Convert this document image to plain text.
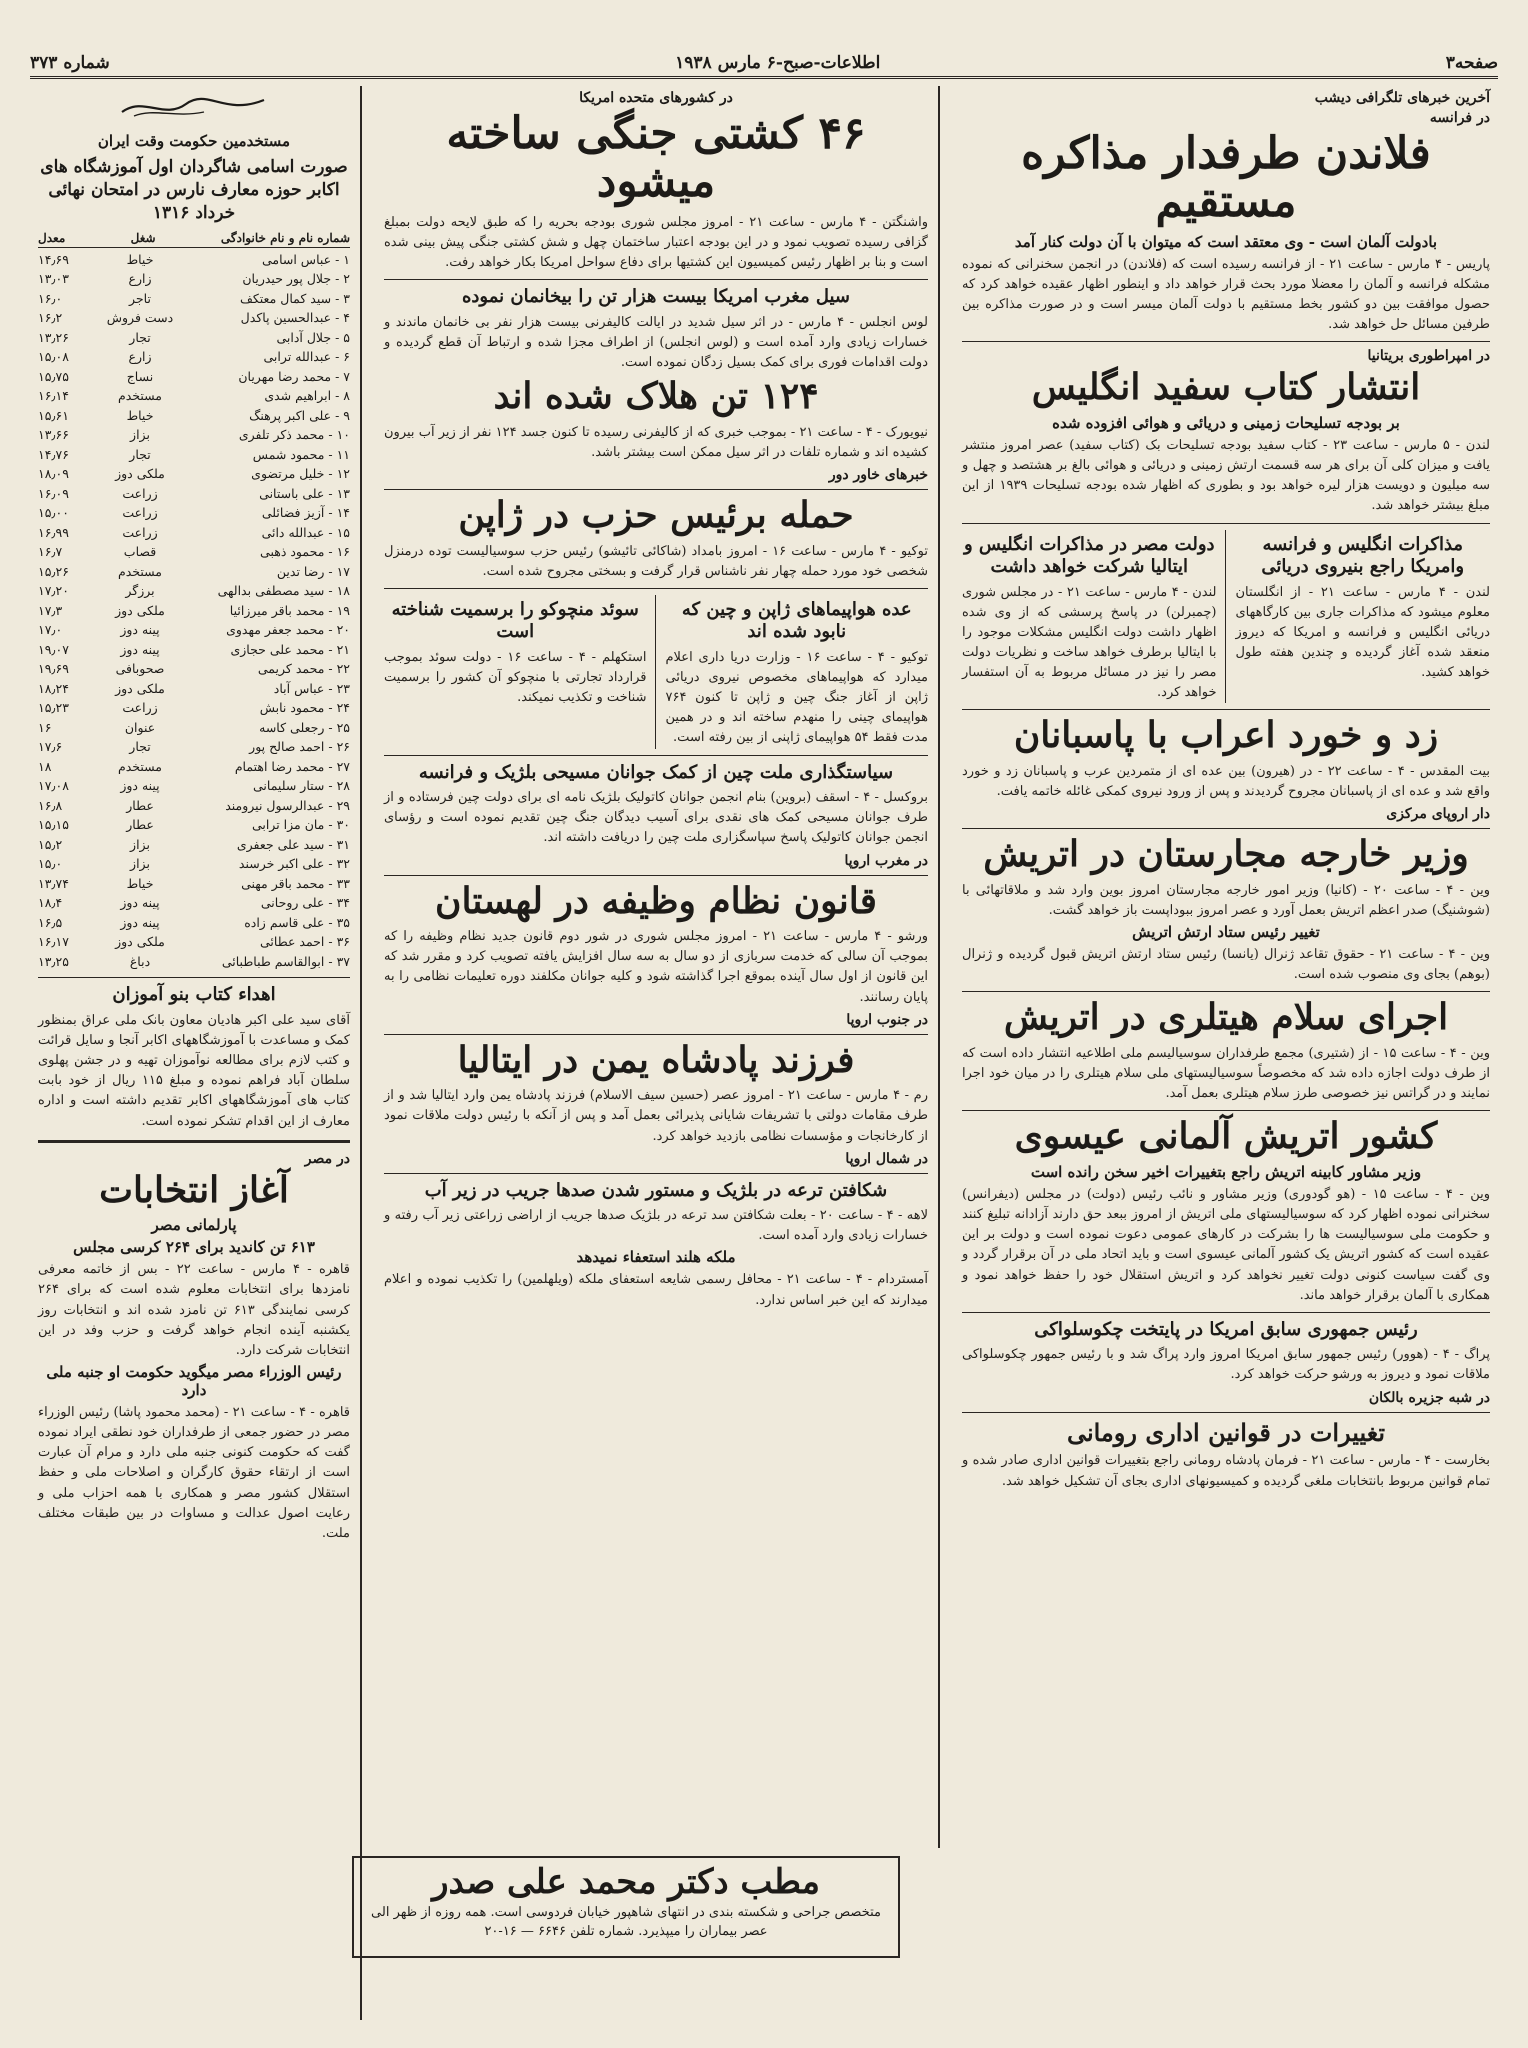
صفحه۳
اطلاعات-صبح-۶ مارس ۱۹۳۸
شماره ۳۷۳
آخرین خبرهای تلگرافی دیشب
در فرانسه
فلاندن طرفدار مذاکره مستقیم
بادولت آلمان است - وی معتقد است که میتوان با آن دولت کنار آمد
پاریس - ۴ مارس - ساعت ۲۱ - از فرانسه رسیده است که (فلاندن) در انجمن سخنرانی که نموده مشکله فرانسه و آلمان را معضلا مورد بحث قرار خواهد داد و اینطور اظهار عقیده خواهد کرد که حصول موافقت بین دو کشور بخط مستقیم با دولت آلمان میسر است و در صورت مذاکره بین طرفین مسائل حل خواهد شد.
در امپراطوری بریتانیا
انتشار کتاب سفید انگلیس
بر بودجه تسلیحات زمینی و دریائی و هوائی افزوده شده
لندن - ۵ مارس - ساعت ۲۳ - کتاب سفید بودجه تسلیحات بک (کتاب سفید) عصر امروز منتشر یافت و میزان کلی آن برای هر سه قسمت ارتش زمینی و دریائی و هوائی بالغ بر هشتصد و چهل و سه میلیون و دویست هزار لیره خواهد بود و بطوری که اظهار شده بودجه تسلیحات ۱۹۳۹ از این مبلغ بیشتر خواهد شد.
مذاکرات انگلیس و فرانسه وامریکا راجع بنیروی دریائی
لندن - ۴ مارس - ساعت ۲۱ - از انگلستان معلوم میشود که مذاکرات جاری بین کارگاههای دریائی انگلیس و فرانسه و امریکا که دیروز منعقد شده آغاز گردیده و چندین هفته طول خواهد کشید.
دولت مصر در مذاکرات انگلیس و ایتالیا شرکت خواهد داشت
لندن - ۴ مارس - ساعت ۲۱ - در مجلس شوری (چمبرلن) در پاسخ پرسشی که از وی شده اظهار داشت دولت انگلیس مشکلات موجود را با ایتالیا برطرف خواهد ساخت و نظریات دولت مصر را نیز در مسائل مربوط به آن استفسار خواهد کرد.
زد و خورد اعراب با پاسبانان
بیت المقدس - ۴ - ساعت ۲۲ - در (هیرون) بین عده ای از متمردین عرب و پاسبانان زد و خورد واقع شد و عده ای از پاسبانان مجروح گردیدند و پس از ورود نیروی کمکی غائله خاتمه یافت.
دار اروپای مرکزی
وزیر خارجه مجارستان در اتریش
وین - ۴ - ساعت ۲۰ - (کانیا) وزیر امور خارجه مجارستان امروز بوین وارد شد و ملاقاتهائی با (شوشنیگ) صدر اعظم اتریش بعمل آورد و عصر امروز ببوداپست باز خواهد گشت.
تغییر رئیس ستاد ارتش اتریش
وین - ۴ - ساعت ۲۱ - حقوق تقاعد ژنرال (یانسا) رئیس ستاد ارتش اتریش قبول گردیده و ژنرال (بوهم) بجای وی منصوب شده است.
اجرای سلام هیتلری در اتریش
وین - ۴ - ساعت ۱۵ - از (شتیری) مجمع طرفداران سوسیالیسم ملی اطلاعیه انتشار داده است که از طرف دولت اجازه داده شد که مخصوصاً سوسیالیستهای ملی سلام هیتلری را در میان خود اجرا نمایند و در گراتس نیز خصوصی طرز سلام هیتلری بعمل آمد.
کشور اتریش آلمانی عیسوی
وزیر مشاور کابینه اتریش راجع بتغییرات اخیر سخن رانده است
وین - ۴ - ساعت ۱۵ - (هو گودوری) وزیر مشاور و نائب رئیس (دولت) در مجلس (دیفرانس) سخنرانی نموده اظهار کرد که سوسیالیستهای ملی اتریش از امروز ببعد حق دارند آزادانه تبلیغ کنند و حکومت ملی سوسیالیست ها را بشرکت در کارهای عمومی دعوت نموده است و دولت بر این عقیده است که کشور اتریش یک کشور آلمانی عیسوی است و باید اتحاد ملی در آن برقرار گردد و وی گفت سیاست کنونی دولت تغییر نخواهد کرد و اتریش استقلال خود را حفظ خواهد نمود و همکاری با آلمان برقرار خواهد ماند.
رئیس جمهوری سابق امریکا در پایتخت چکوسلواکی
پراگ - ۴ - (هوور) رئیس جمهور سابق امریکا امروز وارد پراگ شد و با رئیس جمهور چکوسلواکی ملاقات نمود و دیروز به ورشو حرکت خواهد کرد.
در شبه جزیره بالکان
تغییرات در قوانین اداری رومانی
بخارست - ۴ - مارس - ساعت ۲۱ - فرمان پادشاه رومانی راجع بتغییرات قوانین اداری صادر شده و تمام قوانین مربوط بانتخابات ملغی گردیده و کمیسیونهای اداری بجای آن تشکیل خواهد شد.
در کشورهای متحده امریکا
۴۶ کشتی جنگی ساخته میشود
واشنگتن - ۴ مارس - ساعت ۲۱ - امروز مجلس شوری بودجه بحریه را که طبق لایحه دولت بمبلغ گزافی رسیده تصویب نمود و در این بودجه اعتبار ساختمان چهل و شش کشتی جنگی پیش بینی شده است و بنا بر اظهار رئیس کمیسیون این کشتیها برای دفاع سواحل امریکا بکار خواهد رفت.
سیل مغرب امریکا بیست هزار تن را بیخانمان نموده
لوس انجلس - ۴ مارس - در اثر سیل شدید در ایالت کالیفرنی بیست هزار نفر بی خانمان ماندند و خسارات زیادی وارد آمده است و (لوس انجلس) از اطراف مجزا شده و ارتباط آن قطع گردیده و دولت اقدامات فوری برای کمک بسیل زدگان نموده است.
۱۲۴ تن هلاک شده اند
نیویورک - ۴ - ساعت ۲۱ - بموجب خبری که از کالیفرنی رسیده تا کنون جسد ۱۲۴ نفر از زیر آب بیرون کشیده اند و شماره تلفات در اثر سیل ممکن است بیشتر باشد.
خبرهای خاور دور
حمله برئیس حزب در ژاپن
توکیو - ۴ مارس - ساعت ۱۶ - امروز بامداد (شاکائی تائیشو) رئیس حزب سوسیالیست توده درمنزل شخصی خود مورد حمله چهار نفر ناشناس قرار گرفت و بسختی مجروح شده است.
عده هواپیماهای ژاپن و چین که نابود شده اند
توکیو - ۴ - ساعت ۱۶ - وزارت دریا داری اعلام میدارد که هواپیماهای مخصوص نیروی دریائی ژاپن از آغاز جنگ چین و ژاپن تا کنون ۷۶۴ هواپیمای چینی را منهدم ساخته اند و در همین مدت فقط ۵۴ هواپیمای ژاپنی از بین رفته است.
سوئد منچوکو را برسمیت شناخته است
استکهلم - ۴ - ساعت ۱۶ - دولت سوئد بموجب قرارداد تجارتی با منچوکو آن کشور را برسمیت شناخت و تکذیب نمیکند.
سیاستگذاری ملت چین از کمک جوانان مسیحی بلژیک و فرانسه
بروکسل - ۴ - اسقف (بروین) بنام انجمن جوانان کاتولیک بلژیک نامه ای برای دولت چین فرستاده و از طرف جوانان مسیحی کمک های نقدی برای آسیب دیدگان جنگ چین تقدیم نموده است و رؤسای انجمن جوانان کاتولیک پاسخ سپاسگزاری ملت چین را دریافت داشته اند.
در مغرب اروپا
قانون نظام وظیفه در لهستان
ورشو - ۴ مارس - ساعت ۲۱ - امروز مجلس شوری در شور دوم قانون جدید نظام وظیفه را که بموجب آن سالی که خدمت سربازی از دو سال به سه سال افزایش یافته تصویب کرد و مقرر شد که این قانون از اول سال آینده بموقع اجرا گذاشته شود و کلیه جوانان مکلفند دوره تعلیمات نظامی را به پایان رسانند.
در جنوب اروپا
فرزند پادشاه یمن در ایتالیا
رم - ۴ مارس - ساعت ۲۱ - امروز عصر (حسین سیف الاسلام) فرزند پادشاه یمن وارد ایتالیا شد و از طرف مقامات دولتی با تشریفات شایانی پذیرائی بعمل آمد و پس از آنکه با رئیس دولت ملاقات نمود از کارخانجات و مؤسسات نظامی بازدید خواهد کرد.
در شمال اروپا
شکافتن ترعه در بلژیک و مستور شدن صدها جریب در زیر آب
لاهه - ۴ - ساعت ۲۰ - بعلت شکافتن سد ترعه در بلژیک صدها جریب از اراضی زراعتی زیر آب رفته و خسارات زیادی وارد آمده است.
ملکه هلند استعفاء نمیدهد
آمستردام - ۴ - ساعت ۲۱ - محافل رسمی شایعه استعفای ملکه (ویلهلمین) را تکذیب نموده و اعلام میدارند که این خبر اساس ندارد.
مستخدمین حکومت وقت ایران
صورت اسامی شاگردان اول آموزشگاه های اکابر حوزه معارف نارس در امتحان نهائی خرداد ۱۳۱۶
شماره نام و نام خانوادگی
شغل
معدل
۱ - عباس اسامی
خیاط
۱۴٫۶۹
۲ - جلال پور حیدریان
زارع
۱۳٫۰۳
۳ - سید کمال معتکف
تاجر
۱۶٫۰
۴ - عبدالحسین پاکدل
دست فروش
۱۶٫۲
۵ - جلال آدابی
تجار
۱۳٫۲۶
۶ - عبدالله ترابی
زارع
۱۵٫۰۸
۷ - محمد رضا مهریان
نساج
۱۵٫۷۵
۸ - ابراهیم شدی
مستخدم
۱۶٫۱۴
۹ - علی اکبر پرهنگ
خیاط
۱۵٫۶۱
۱۰ - محمد ذکر تلفری
بزاز
۱۳٫۶۶
۱۱ - محمود شمس
تجار
۱۴٫۷۶
۱۲ - خلیل مرتضوی
ملکی دوز
۱۸٫۰۹
۱۳ - علی باستانی
زراعت
۱۶٫۰۹
۱۴ - آزیز فضائلی
زراعت
۱۵٫۰۰
۱۵ - عبدالله دائی
زراعت
۱۶٫۹۹
۱۶ - محمود ذهبی
قصاب
۱۶٫۷
۱۷ - رضا تدین
مستخدم
۱۵٫۲۶
۱۸ - سید مصطفی بدالهی
برزگر
۱۷٫۲۰
۱۹ - محمد باقر میرزائیا
ملکی دوز
۱۷٫۳
۲۰ - محمد جعفر مهدوی
پینه دوز
۱۷٫۰
۲۱ - محمد علی حجازی
پینه دوز
۱۹٫۰۷
۲۲ - محمد کریمی
صحوبافی
۱۹٫۶۹
۲۳ - عباس آباد
ملکی دوز
۱۸٫۲۴
۲۴ - محمود نابش
زراعت
۱۵٫۲۳
۲۵ - رجعلی کاسه
عنوان
۱۶
۲۶ - احمد صالح پور
تجار
۱۷٫۶
۲۷ - محمد رضا اهتمام
مستخدم
۱۸
۲۸ - ستار سلیمانی
پینه دوز
۱۷٫۰۸
۲۹ - عبدالرسول نیرومند
عطار
۱۶٫۸
۳۰ - مان مزا ترابی
عطار
۱۵٫۱۵
۳۱ - سید علی جعفری
بزاز
۱۵٫۲
۳۲ - علی اکبر خرسند
بزاز
۱۵٫۰
۳۳ - محمد باقر مهنی
خیاط
۱۳٫۷۴
۳۴ - علی روحانی
پینه دوز
۱۸٫۴
۳۵ - علی قاسم زاده
پینه دوز
۱۶٫۵
۳۶ - احمد عطائی
ملکی دوز
۱۶٫۱۷
۳۷ - ابوالقاسم طباطبائی
دباغ
۱۳٫۲۵
اهداء کتاب بنو آموزان
آقای سید علی اکبر هادیان معاون بانک ملی عراق بمنظور کمک و مساعدت با آموزشگاههای اکابر آنجا و سایل قرائت و کتب لازم برای مطالعه نوآموزان تهیه و در جشن پهلوی سلطان آباد فراهم نموده و مبلغ ۱۱۵ ریال از خود بابت کتاب های آموزشگاههای اکابر تقدیم داشته است و اداره معارف از این اقدام تشکر نموده است.
در مصر
آغاز انتخابات
پارلمانی مصر
۶۱۳ تن کاندید برای ۲۶۴ کرسی مجلس
قاهره - ۴ مارس - ساعت ۲۲ - بس از خاتمه معرفی نامزدها برای انتخابات معلوم شده است که برای ۲۶۴ کرسی نمایندگی ۶۱۳ تن نامزد شده اند و انتخابات روز یکشنبه آینده انجام خواهد گرفت و حزب وفد در این انتخابات شرکت دارد.
رئیس الوزراء مصر میگوید حکومت او جنبه ملی دارد
قاهره - ۴ - ساعت ۲۱ - (محمد محمود پاشا) رئیس الوزراء مصر در حضور جمعی از طرفداران خود نطقی ایراد نموده گفت که حکومت کنونی جنبه ملی دارد و مرام آن عبارت است از ارتقاء حقوق کارگران و اصلاحات ملی و حفظ استقلال کشور مصر و همکاری با همه احزاب ملی و رعایت اصول عدالت و مساوات در بین طبقات مختلف ملت.
مطب دکتر محمد علی صدر
متخصص جراحی و شکسته بندی در انتهای شاهپور خیابان فردوسی است. همه روزه از ظهر الی عصر بیماران را میپذیرد. شماره تلفن ۶۶۴۶ — ۱۶-۲۰
